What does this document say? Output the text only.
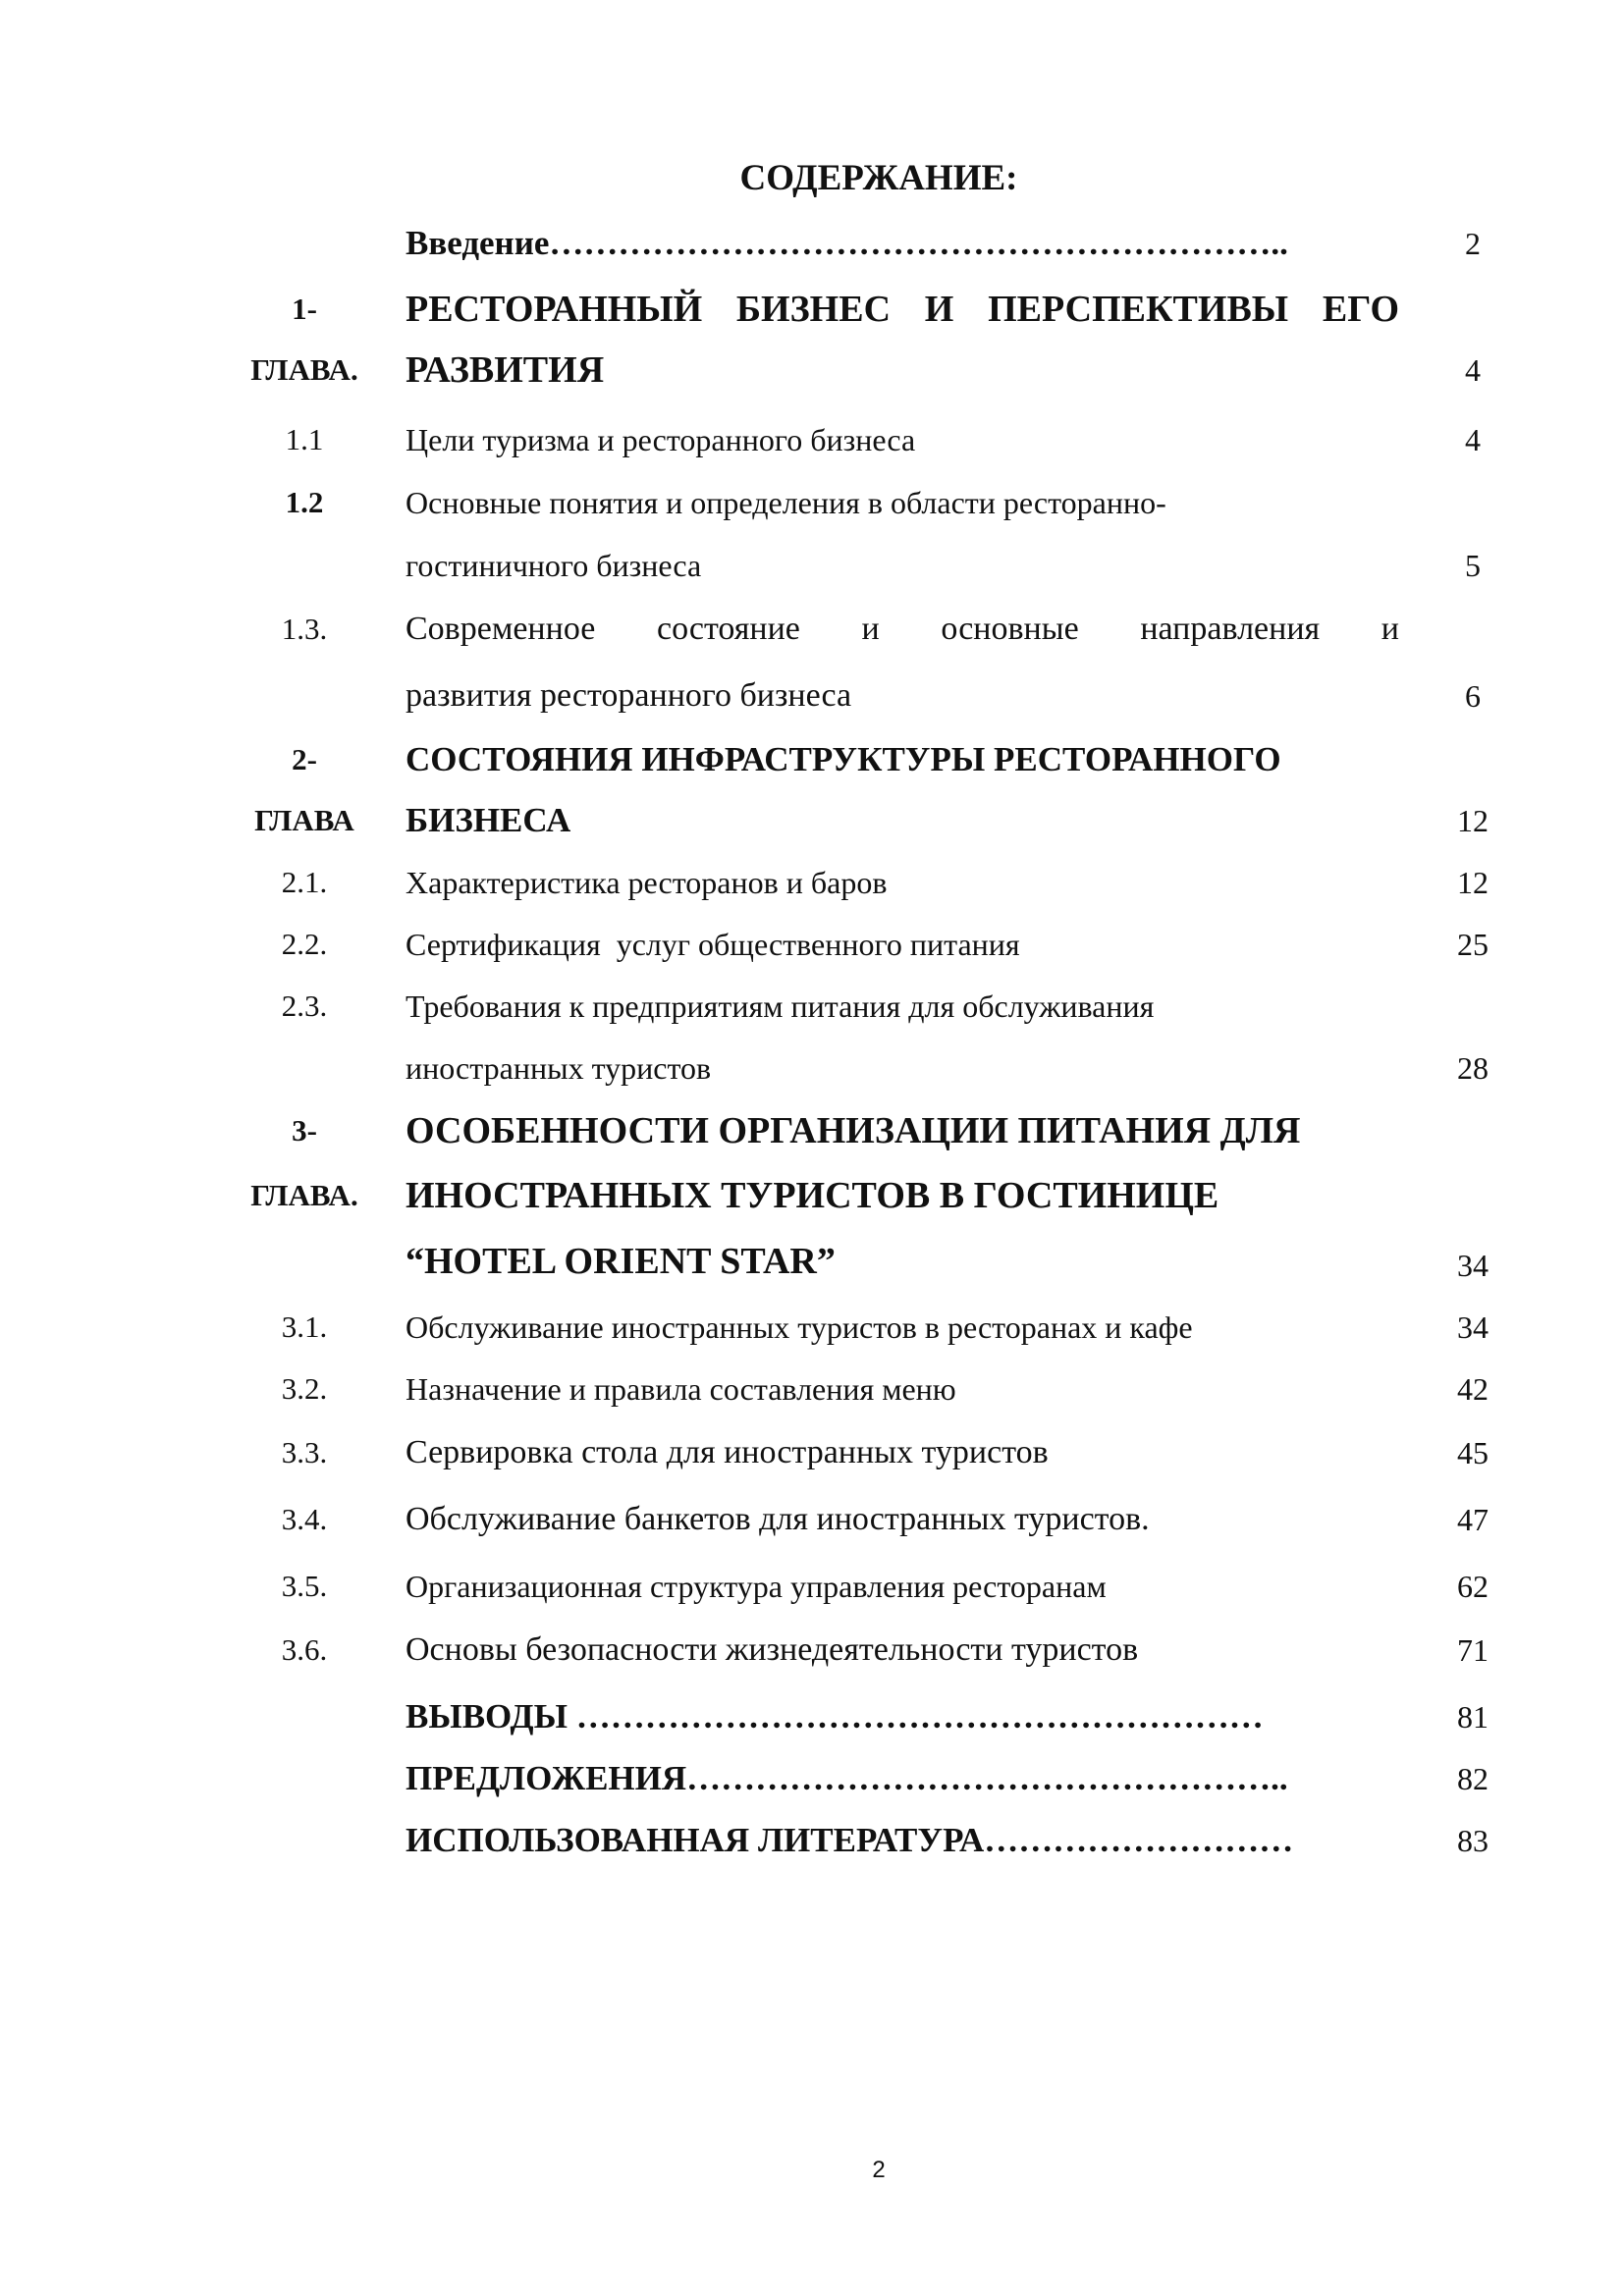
СОДЕРЖАНИЕ:
Введение………………………………………………………..	2
1-	РЕСТОРАННЫЙ БИЗНЕС И ПЕРСПЕКТИВЫ ЕГО
ГЛАВА.	РАЗВИТИЯ	4
1.1	Цели туризма и ресторанного бизнеса	4
1.2	Основные понятия и определения в области ресторанно-
гостиничного бизнеса	5
1.3.	Современное состояние и основные направления и
развития ресторанного бизнеса	6
2-	СОСТОЯНИЯ ИНФРАСТРУКТУРЫ РЕСТОРАННОГО
ГЛАВА	БИЗНЕСА	12
2.1.	Характеристика ресторанов и баров	12
2.2.	Сертификация  услуг общественного питания	25
2.3.	Требования к предприятиям питания для обслуживания
иностранных туристов	28
3-	ОСОБЕННОСТИ ОРГАНИЗАЦИИ ПИТАНИЯ ДЛЯ
ГЛАВА.	ИНОСТРАННЫХ ТУРИСТОВ В ГОСТИНИЦЕ
“HOTEL ORIENT STAR”	34
3.1.	Обслуживание иностранных туристов в ресторанах и кафе	34
3.2.	Назначение и правила составления меню	42
3.3.	Сервировка стола для иностранных туристов	45
3.4.	Обслуживание банкетов для иностранных туристов.	47
3.5.	Организационная структура управления ресторанам	62
3.6.	Основы безопасности жизнедеятельности туристов	71
ВЫВОДЫ ……………………………………………………	81
ПРЕДЛОЖЕНИЯ……………………………………………..	82
ИСПОЛЬЗОВАННАЯ ЛИТЕРАТУРА………………………	83
2
